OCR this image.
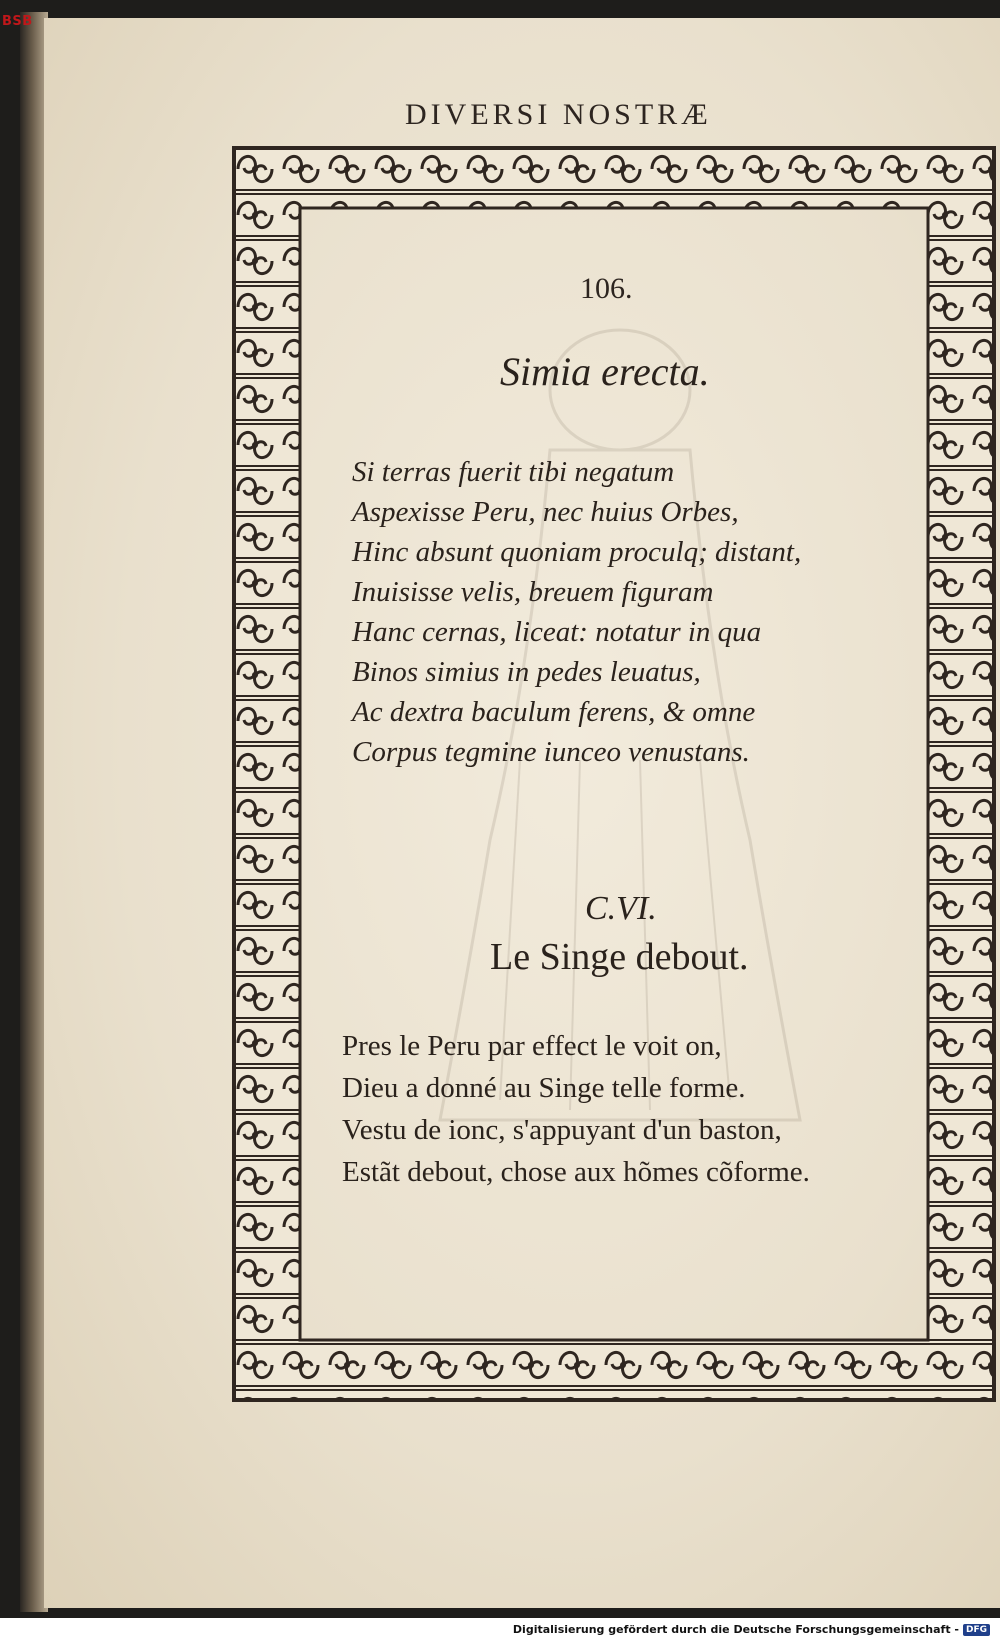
BSB
DIVERSI NOSTRÆ
106.
Simia erecta.
Si terras fuerit tibi negatum
Aspexisse Peru, nec huius Orbes,
Hinc absunt quoniam proculq; distant,
Inuisisse velis, breuem figuram
Hanc cernas, liceat: notatur in qua
Binos simius in pedes leuatus,
Ac dextra baculum ferens, & omne
Corpus tegmine iunceo venustans.
C.VI.
Le Singe debout.
Pres le Peru par effect le voit on,
Dieu a donné au Singe telle forme.
Vestu de ionc, s'appuyant d'un baston,
Estãt debout, chose aux hõmes cõforme.
Digitalisierung gefördert durch die Deutsche Forschungsgemeinschaft - DFG
